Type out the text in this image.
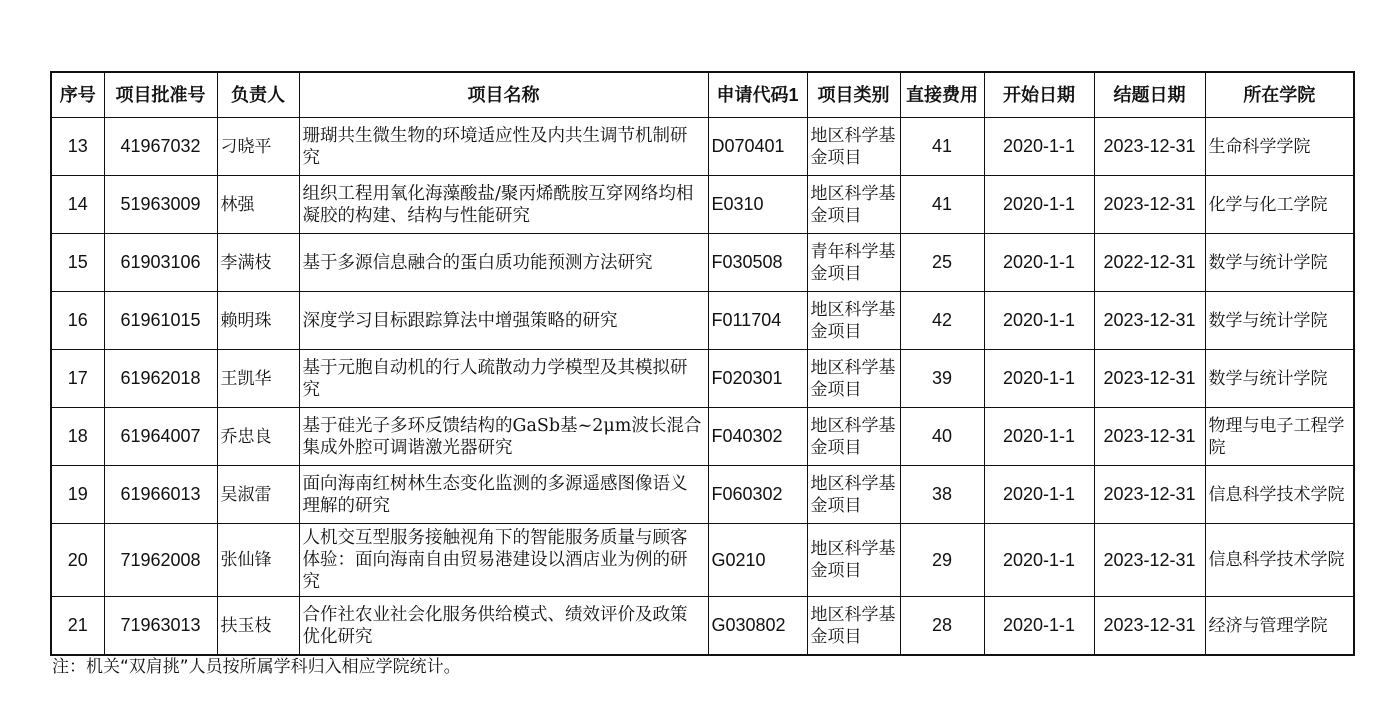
序号	项目批准号	负责人	项目名称	申请代码1	项目类别	直接费用	开始日期	结题日期	所在学院
13	41967032	刁晓平	珊瑚共生微生物的环境适应性及内共生调节机制研究	D070401	地区科学基金项目	41	2020-1-1	2023-12-31	生命科学学院
14	51963009	林强	组织工程用氧化海藻酸盐/聚丙烯酰胺互穿网络均相凝胶的构建、结构与性能研究	E0310	地区科学基金项目	41	2020-1-1	2023-12-31	化学与化工学院
15	61903106	李满枝	基于多源信息融合的蛋白质功能预测方法研究	F030508	青年科学基金项目	25	2020-1-1	2022-12-31	数学与统计学院
16	61961015	赖明珠	深度学习目标跟踪算法中增强策略的研究	F011704	地区科学基金项目	42	2020-1-1	2023-12-31	数学与统计学院
17	61962018	王凯华	基于元胞自动机的行人疏散动力学模型及其模拟研究	F020301	地区科学基金项目	39	2020-1-1	2023-12-31	数学与统计学院
18	61964007	乔忠良	基于硅光子多环反馈结构的GaSb基~2μm波长混合集成外腔可调谐激光器研究	F040302	地区科学基金项目	40	2020-1-1	2023-12-31	物理与电子工程学院
19	61966013	吴淑雷	面向海南红树林生态变化监测的多源遥感图像语义理解的研究	F060302	地区科学基金项目	38	2020-1-1	2023-12-31	信息科学技术学院
20	71962008	张仙锋	人机交互型服务接触视角下的智能服务质量与顾客体验：面向海南自由贸易港建设以酒店业为例的研究	G0210	地区科学基金项目	29	2020-1-1	2023-12-31	信息科学技术学院
21	71963013	扶玉枝	合作社农业社会化服务供给模式、绩效评价及政策优化研究	G030802	地区科学基金项目	28	2020-1-1	2023-12-31	经济与管理学院
注：机关“双肩挑”人员按所属学科归入相应学院统计。
